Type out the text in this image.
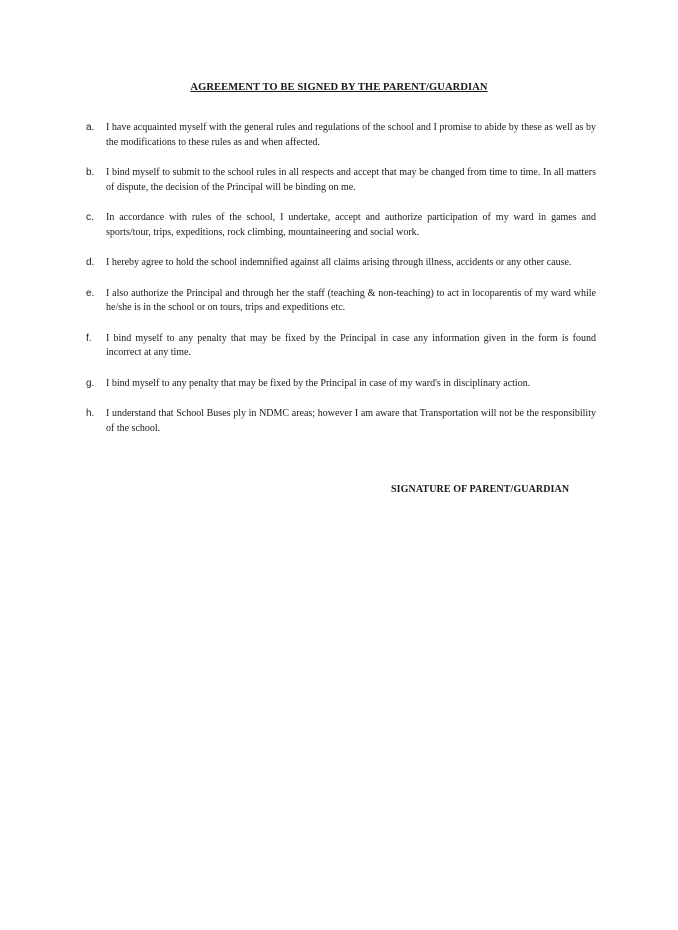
AGREEMENT TO BE SIGNED BY THE PARENT/GUARDIAN
a. I have acquainted myself with the general rules and regulations of the school and I promise to abide by these as well as by the modifications to these rules as and when affected.
b. I bind myself to submit to the school rules in all respects and accept that may be changed from time to time. In all matters of dispute, the decision of the Principal will be binding on me.
c. In accordance with rules of the school, I undertake, accept and authorize participation of my ward in games and sports/tour, trips, expeditions, rock climbing, mountaineering and social work.
d. I hereby agree to hold the school indemnified against all claims arising through illness, accidents or any other cause.
e. I also authorize the Principal and through her the staff (teaching & non-teaching) to act in locoparentis of my ward while he/she is in the school or on tours, trips and expeditions etc.
f. I bind myself to any penalty that may be fixed by the Principal in case any information given in the form is found incorrect at any time.
g. I bind myself to any penalty that may be fixed by the Principal in case of my ward's in disciplinary action.
h. I understand that School Buses ply in NDMC areas; however I am aware that Transportation will not be the responsibility of the school.

SIGNATURE OF PARENT/GUARDIAN
